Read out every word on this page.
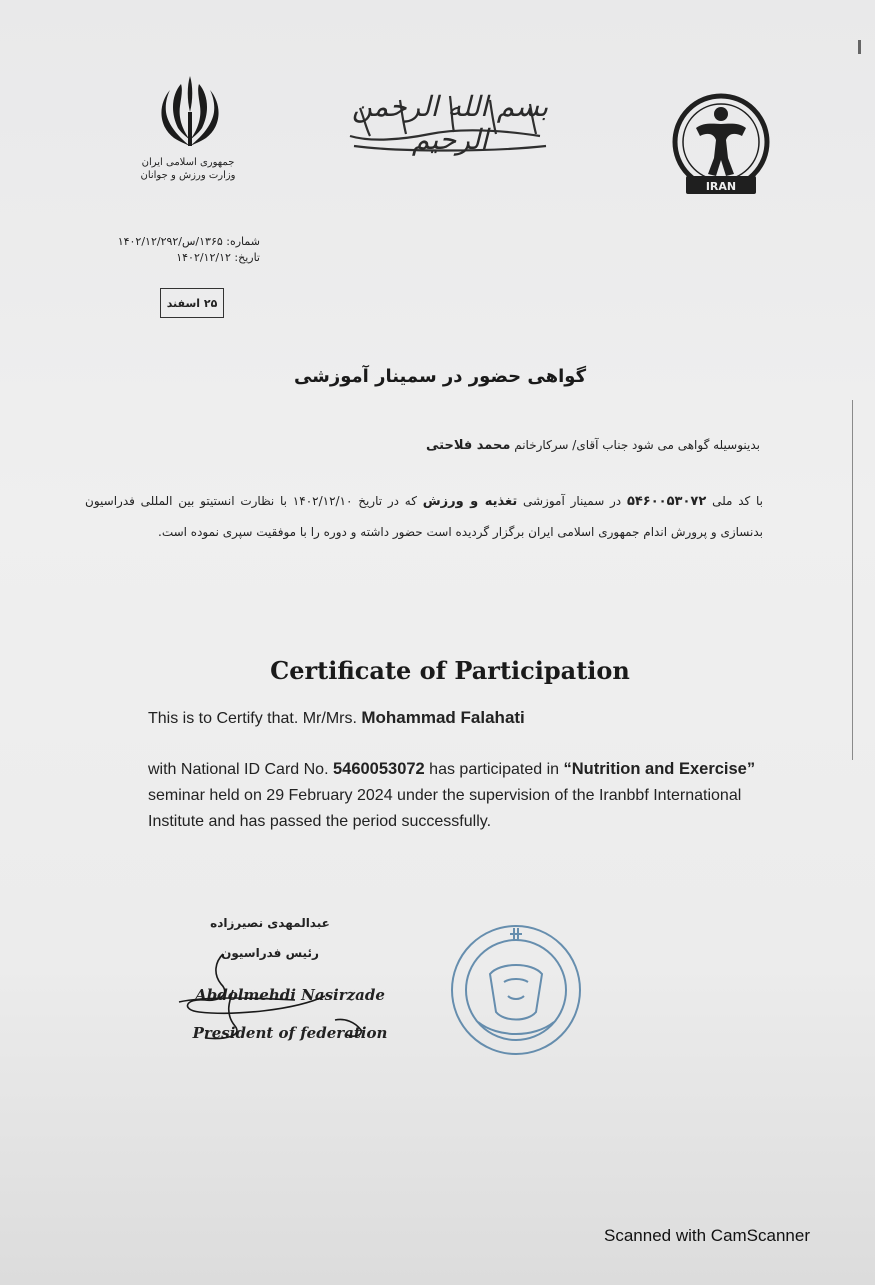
جمهوری اسلامی ایران
وزارت ورزش و جوانان
بسم الله الرحمن الرحيم
IRAN
شماره: ۱۳۶۵/س/۱۴۰۲/۱۲/۲۹۲
تاریخ: ۱۴۰۲/۱۲/۱۲
۲۵ اسفند
گواهی حضور در سمینار آموزشی
بدینوسیله گواهی می شود جناب آقای/ سرکارخانم محمد فلاحتی
با کد ملی ۵۴۶۰۰۵۳۰۷۲ در سمینار آموزشی تغذیه و ورزش که در تاریخ ۱۴۰۲/۱۲/۱۰ با نظارت انستیتو بین المللی فدراسیون بدنسازی و پرورش اندام جمهوری اسلامی ایران برگزار گردیده است حضور داشته و دوره را با موفقیت سپری نموده است.
Certificate of Participation
This is to Certify that. Mr/Mrs. Mohammad Falahati
with National ID Card No. 5460053072 has participated in “Nutrition and Exercise” seminar held on 29 February 2024 under the supervision of the Iranbbf International Institute and has passed the period successfully.
عبدالمهدی نصیرزاده
رئیس فدراسیون
Abdolmehdi Nasirzade
President of federation
Scanned with CamScanner
